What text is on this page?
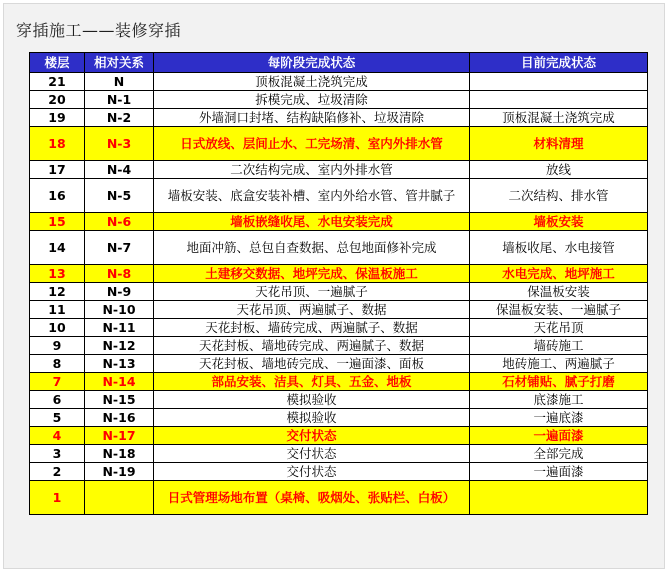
穿插施工——装修穿插
楼层	相对关系	每阶段完成状态	目前完成状态
21	N	顶板混凝土浇筑完成	
20	N-1	拆模完成、垃圾清除	
19	N-2	外墙洞口封堵、结构缺陷修补、垃圾清除	顶板混凝土浇筑完成
18	N-3	日式放线、层间止水、工完场清、室内外排水管	材料清理
17	N-4	二次结构完成、室内外排水管	放线
16	N-5	墙板安装、底盒安装补槽、室内外给水管、管井腻子	二次结构、排水管
15	N-6	墙板嵌缝收尾、水电安装完成	墙板安装
14	N-7	地面冲筋、总包自查数据、总包地面修补完成	墙板收尾、水电接管
13	N-8	土建移交数据、地坪完成、保温板施工	水电完成、地坪施工
12	N-9	天花吊顶、一遍腻子	保温板安装
11	N-10	天花吊顶、两遍腻子、数据	保温板安装、一遍腻子
10	N-11	天花封板、墙砖完成、两遍腻子、数据	天花吊顶
9	N-12	天花封板、墙地砖完成、两遍腻子、数据	墙砖施工
8	N-13	天花封板、墙地砖完成、一遍面漆、面板	地砖施工、两遍腻子
7	N-14	部品安装、洁具、灯具、五金、地板	石材铺贴、腻子打磨
6	N-15	模拟验收	底漆施工
5	N-16	模拟验收	一遍底漆
4	N-17	交付状态	一遍面漆
3	N-18	交付状态	全部完成
2	N-19	交付状态	一遍面漆
1		日式管理场地布置（桌椅、吸烟处、张贴栏、白板）	
